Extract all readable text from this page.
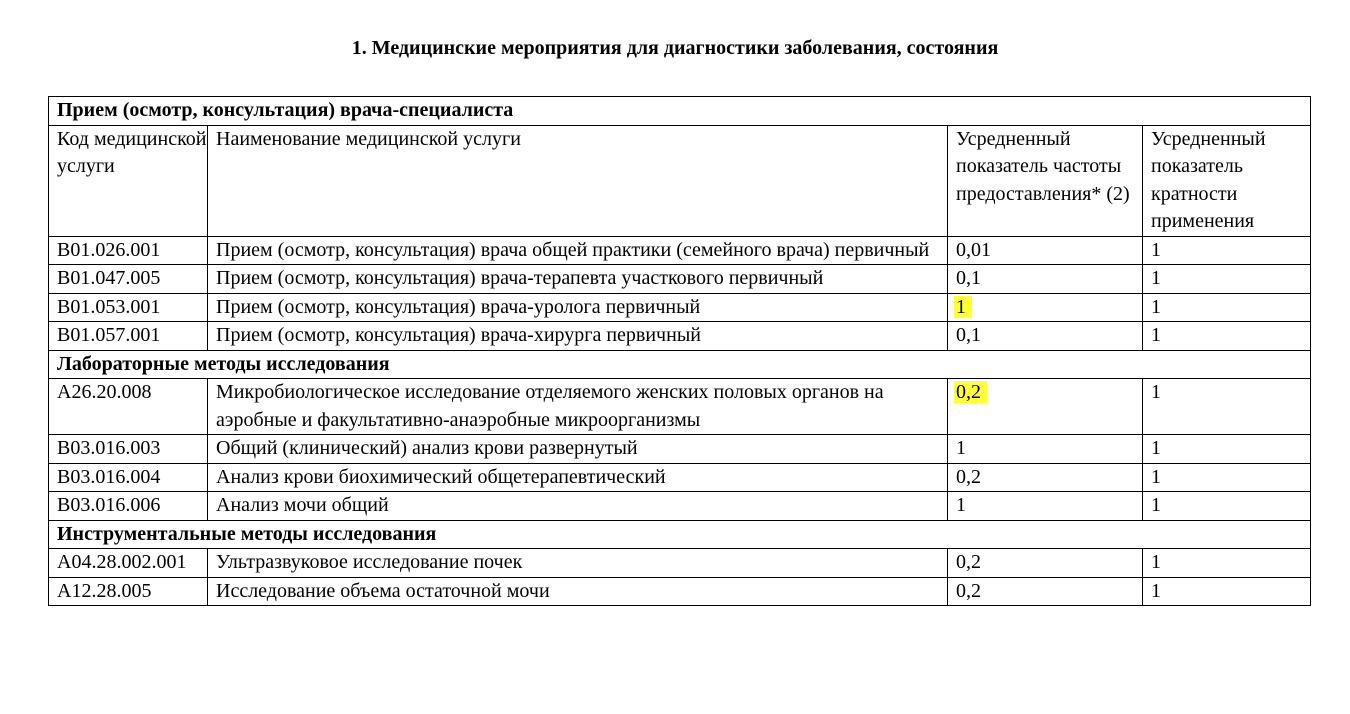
1. Медицинские мероприятия для диагностики заболевания, состояния
Прием (осмотр, консультация) врача-специалиста			
Код медицинской услуги	Наименование медицинской услуги	Усредненный показатель частоты предоставления* (2)	Усредненный показатель кратности применения
B01.026.001	Прием (осмотр, консультация) врача общей практики (семейного врача) первичный	0,01	1
B01.047.005	Прием (осмотр, консультация) врача-терапевта участкового первичный	0,1	1
B01.053.001	Прием (осмотр, консультация) врача-уролога первичный	1	1
B01.057.001	Прием (осмотр, консультация) врача-хирурга первичный	0,1	1
Лабораторные методы исследования			
A26.20.008	Микробиологическое исследование отделяемого женских половых органов на аэробные и факультативно-анаэробные микроорганизмы	0,2	1
B03.016.003	Общий (клинический) анализ крови развернутый	1	1
B03.016.004	Анализ крови биохимический общетерапевтический	0,2	1
B03.016.006	Анализ мочи общий	1	1
Инструментальные методы исследования			
A04.28.002.001	Ультразвуковое исследование почек	0,2	1
A12.28.005	Исследование объема остаточной мочи	0,2	1
